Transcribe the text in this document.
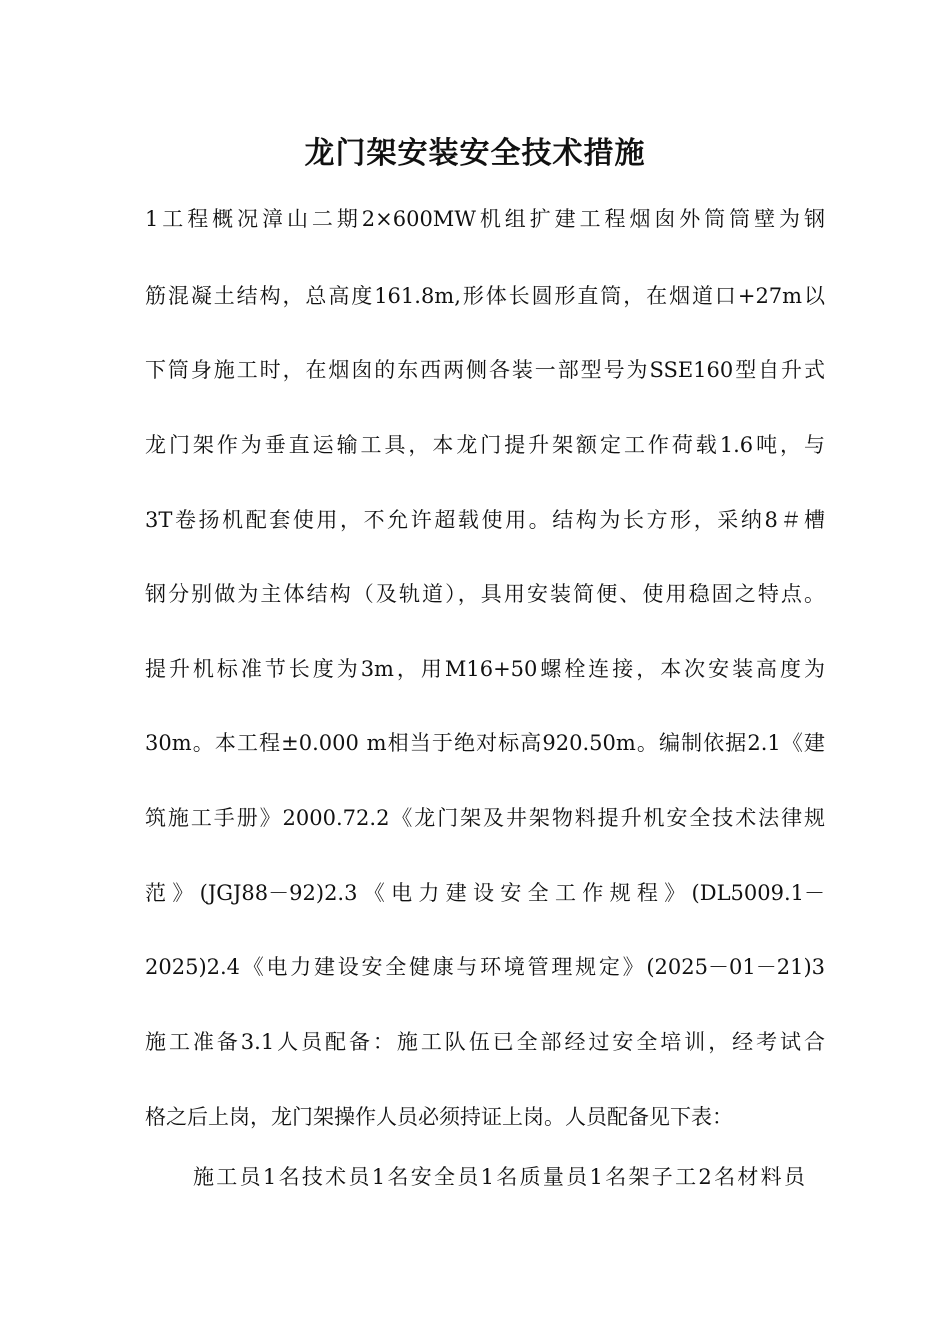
龙门架安装安全技术措施
1工程概况漳山二期2×600MW机组扩建工程烟囱外筒筒壁为钢
筋混凝土结构，总高度161.8m,形体长圆形直筒，在烟道口+27m以
下筒身施工时，在烟囱的东西两侧各装一部型号为SSE160型自升式
龙门架作为垂直运输工具，本龙门提升架额定工作荷载1.6吨，与
3T卷扬机配套使用，不允许超载使用。结构为长方形，采纳8＃槽
钢分别做为主体结构（及轨道），具用安装简便、使用稳固之特点。
提升机标准节长度为3m，用M16+50螺栓连接，本次安装高度为
30m。本工程±0.000 m相当于绝对标高920.50m。编制依据2.1《建
筑施工手册》2000.72.2《龙门架及井架物料提升机安全技术法律规
范》(JGJ88－92)2.3《电力建设安全工作规程》(DL5009.1－
2025)2.4《电力建设安全健康与环境管理规定》(2025－01－21)3
施工准备3.1人员配备：施工队伍已全部经过安全培训，经考试合
格之后上岗，龙门架操作人员必须持证上岗。人员配备见下表：
施工员1名技术员1名安全员1名质量员1名架子工2名材料员
